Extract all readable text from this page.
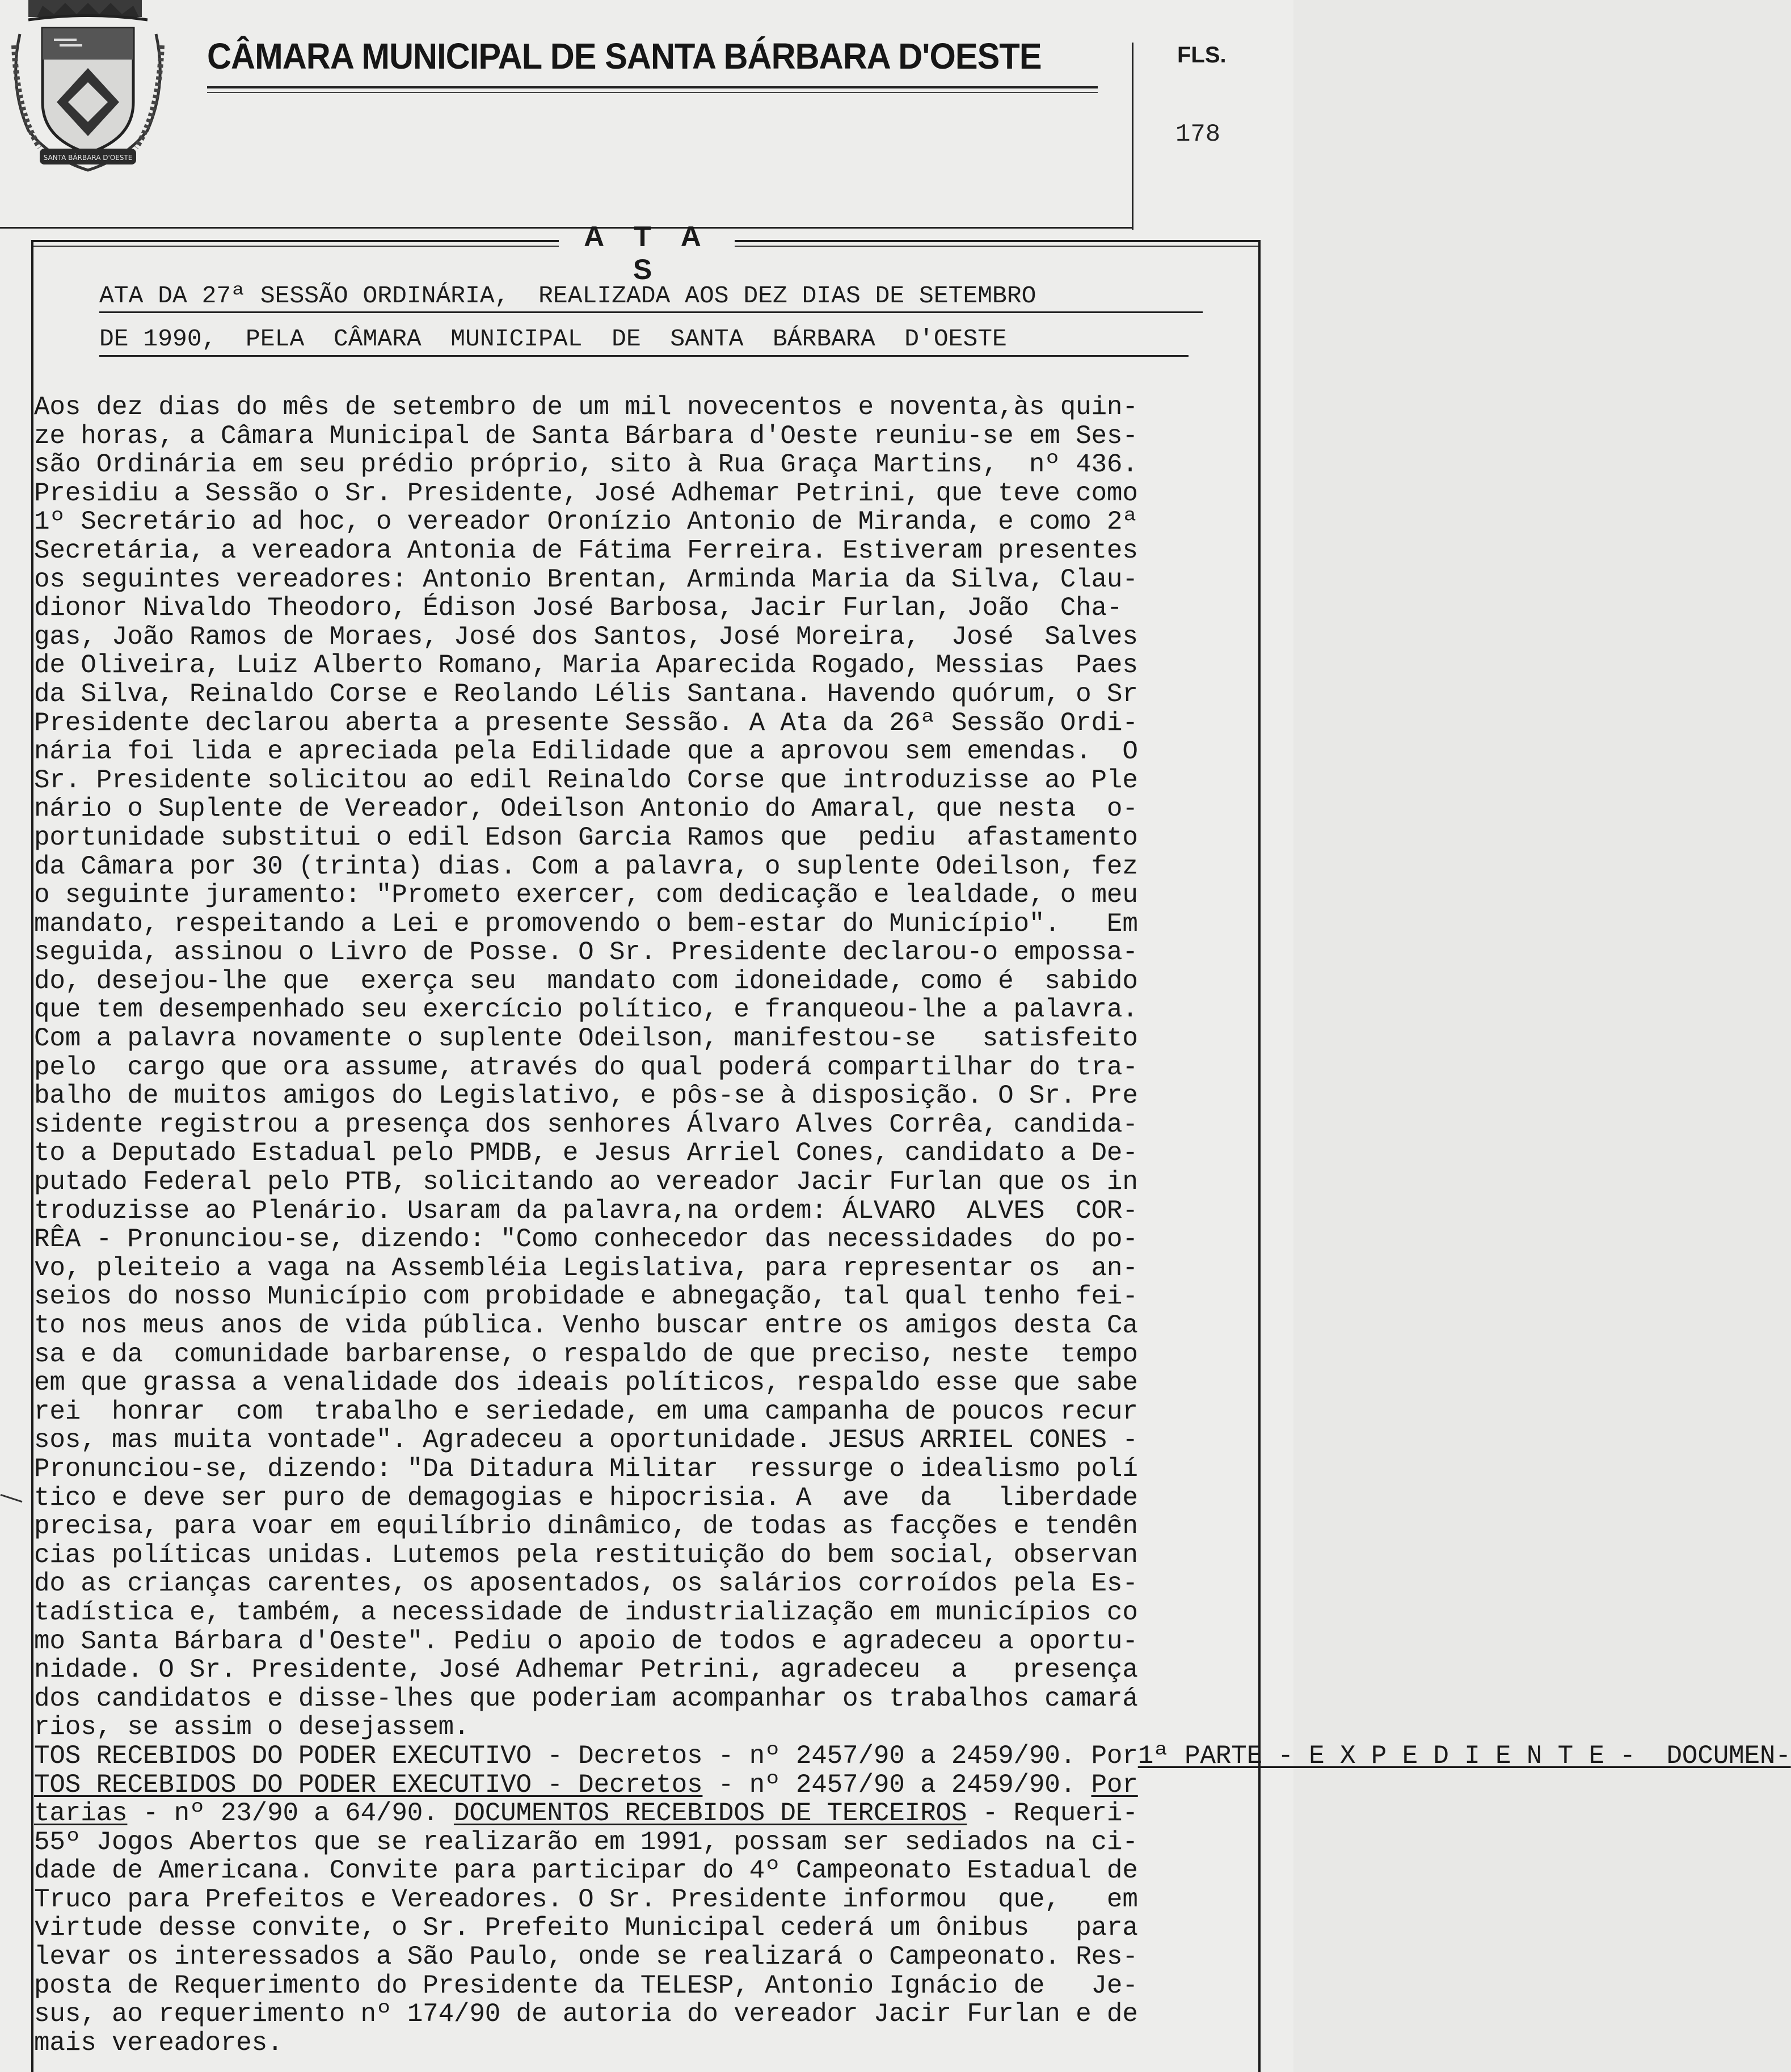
SANTA BÁRBARA D'OESTE
CÂMARA MUNICIPAL DE SANTA BÁRBARA D'OESTE	FLS.
178
A T A S
ATA DA 27ª SESSÃO ORDINÁRIA,  REALIZADA AOS DEZ DIAS DE SETEMBRO
DE 1990,  PELA  CÂMARA  MUNICIPAL  DE  SANTA  BÁRBARA  D'OESTE
Aos dez dias do mês de setembro de um mil novecentos e noventa,às quin-
ze horas, a Câmara Municipal de Santa Bárbara d'Oeste reuniu-se em Ses-
são Ordinária em seu prédio próprio, sito à Rua Graça Martins,  nº 436.
Presidiu a Sessão o Sr. Presidente, José Adhemar Petrini, que teve como
1º Secretário ad hoc, o vereador Oronízio Antonio de Miranda, e como 2ª
Secretária, a vereadora Antonia de Fátima Ferreira. Estiveram presentes
os seguintes vereadores: Antonio Brentan, Arminda Maria da Silva, Clau-
dionor Nivaldo Theodoro, Édison José Barbosa, Jacir Furlan, João  Cha-
gas, João Ramos de Moraes, José dos Santos, José Moreira,  José  Salves
de Oliveira, Luiz Alberto Romano, Maria Aparecida Rogado, Messias  Paes
da Silva, Reinaldo Corse e Reolando Lélis Santana. Havendo quórum, o Sr
Presidente declarou aberta a presente Sessão. A Ata da 26ª Sessão Ordi-
nária foi lida e apreciada pela Edilidade que a aprovou sem emendas.  O
Sr. Presidente solicitou ao edil Reinaldo Corse que introduzisse ao Ple
nário o Suplente de Vereador, Odeilson Antonio do Amaral, que nesta  o-
portunidade substitui o edil Edson Garcia Ramos que  pediu  afastamento
da Câmara por 30 (trinta) dias. Com a palavra, o suplente Odeilson, fez
o seguinte juramento: "Prometo exercer, com dedicação e lealdade, o meu
mandato, respeitando a Lei e promovendo o bem-estar do Município".   Em
seguida, assinou o Livro de Posse. O Sr. Presidente declarou-o empossa-
do, desejou-lhe que  exerça seu  mandato com idoneidade, como é  sabido
que tem desempenhado seu exercício político, e franqueou-lhe a palavra.
Com a palavra novamente o suplente Odeilson, manifestou-se   satisfeito
pelo  cargo que ora assume, através do qual poderá compartilhar do tra-
balho de muitos amigos do Legislativo, e pôs-se à disposição. O Sr. Pre
sidente registrou a presença dos senhores Álvaro Alves Corrêa, candida-
to a Deputado Estadual pelo PMDB, e Jesus Arriel Cones, candidato a De-
putado Federal pelo PTB, solicitando ao vereador Jacir Furlan que os in
troduzisse ao Plenário. Usaram da palavra,na ordem: ÁLVARO  ALVES  COR-
RÊA - Pronunciou-se, dizendo: "Como conhecedor das necessidades  do po-
vo, pleiteio a vaga na Assembléia Legislativa, para representar os  an-
seios do nosso Município com probidade e abnegação, tal qual tenho fei-
to nos meus anos de vida pública. Venho buscar entre os amigos desta Ca
sa e da  comunidade barbarense, o respaldo de que preciso, neste  tempo
em que grassa a venalidade dos ideais políticos, respaldo esse que sabe
rei  honrar  com  trabalho e seriedade, em uma campanha de poucos recur
sos, mas muita vontade". Agradeceu a oportunidade. JESUS ARRIEL CONES -
Pronunciou-se, dizendo: "Da Ditadura Militar  ressurge o idealismo polí
tico e deve ser puro de demagogias e hipocrisia. A  ave  da   liberdade
precisa, para voar em equilíbrio dinâmico, de todas as facções e tendên
cias políticas unidas. Lutemos pela restituição do bem social, observan
do as crianças carentes, os aposentados, os salários corroídos pela Es-
tadística e, também, a necessidade de industrialização em municípios co
mo Santa Bárbara d'Oeste". Pediu o apoio de todos e agradeceu a oportu-
nidade. O Sr. Presidente, José Adhemar Petrini, agradeceu  a   presença
dos candidatos e disse-lhes que poderiam acompanhar os trabalhos camará
rios, se assim o desejassem.
TOS RECEBIDOS DO PODER EXECUTIVO - Decretos - nº 2457/90 a 2459/90. Por1ª PARTE - E X P E D I E N T E -  DOCUMEN-
TOS RECEBIDOS DO PODER EXECUTIVO - Decretos - nº 2457/90 a 2459/90. Por
tarias - nº 23/90 a 64/90. DOCUMENTOS RECEBIDOS DE TERCEIROS - Requeri-
55º Jogos Abertos que se realizarão em 1991, possam ser sediados na ci-
dade de Americana. Convite para participar do 4º Campeonato Estadual de
Truco para Prefeitos e Vereadores. O Sr. Presidente informou  que,   em
virtude desse convite, o Sr. Prefeito Municipal cederá um ônibus   para
levar os interessados a São Paulo, onde se realizará o Campeonato. Res-
posta de Requerimento do Presidente da TELESP, Antonio Ignácio de   Je-
sus, ao requerimento nº 174/90 de autoria do vereador Jacir Furlan e de
mais vereadores.
